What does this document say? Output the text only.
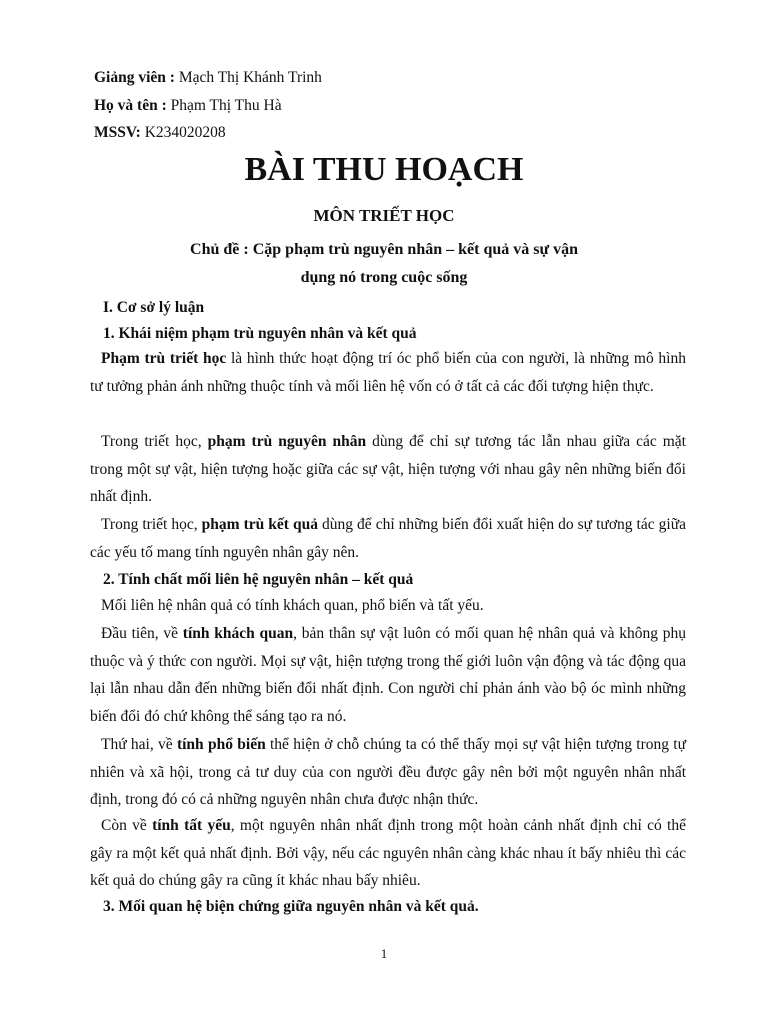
Giảng viên : Mạch Thị Khánh Trinh
Họ và tên : Phạm Thị Thu Hà
MSSV: K234020208
BÀI THU HOẠCH
MÔN TRIẾT HỌC
Chủ đề : Cặp phạm trù nguyên nhân – kết quả và sự vận
dụng nó trong cuộc sống
I. Cơ sở lý luận
1. Khái niệm phạm trù nguyên nhân và kết quả
Phạm trù triết học là hình thức hoạt động trí óc phổ biến của con người, là những mô hình tư tưởng phản ánh những thuộc tính và mối liên hệ vốn có ở tất cả các đối tượng hiện thực.
Trong triết học, phạm trù nguyên nhân dùng để chỉ sự tương tác lẫn nhau giữa các mặt trong một sự vật, hiện tượng hoặc giữa các sự vật, hiện tượng với nhau gây nên những biến đổi nhất định.
Trong triết học, phạm trù kết quả dùng để chỉ những biến đổi xuất hiện do sự tương tác giữa các yếu tố mang tính nguyên nhân gây nên.
2. Tính chất mối liên hệ nguyên nhân – kết quả
Mối liên hệ nhân quả có tính khách quan, phổ biến và tất yếu.
Đầu tiên, về tính khách quan, bản thân sự vật luôn có mối quan hệ nhân quả và không phụ thuộc và ý thức con người. Mọi sự vật, hiện tượng trong thế giới luôn vận động và tác động qua lại lẫn nhau dẫn đến những biến đổi nhất định. Con người chỉ phản ánh vào bộ óc mình những biến đổi đó chứ không thể sáng tạo ra nó.
Thứ hai, về tính phổ biến thể hiện ở chỗ chúng ta có thể thấy mọi sự vật hiện tượng trong tự nhiên và xã hội, trong cả tư duy của con người đều được gây nên bởi một nguyên nhân nhất định, trong đó có cả những nguyên nhân chưa được nhận thức.
Còn về tính tất yếu, một nguyên nhân nhất định trong một hoàn cảnh nhất định chỉ có thể gây ra một kết quả nhất định. Bởi vậy, nếu các nguyên nhân càng khác nhau ít bấy nhiêu thì các kết quả do chúng gây ra cũng ít khác nhau bấy nhiêu.
3. Mối quan hệ biện chứng giữa nguyên nhân và kết quả.
1
